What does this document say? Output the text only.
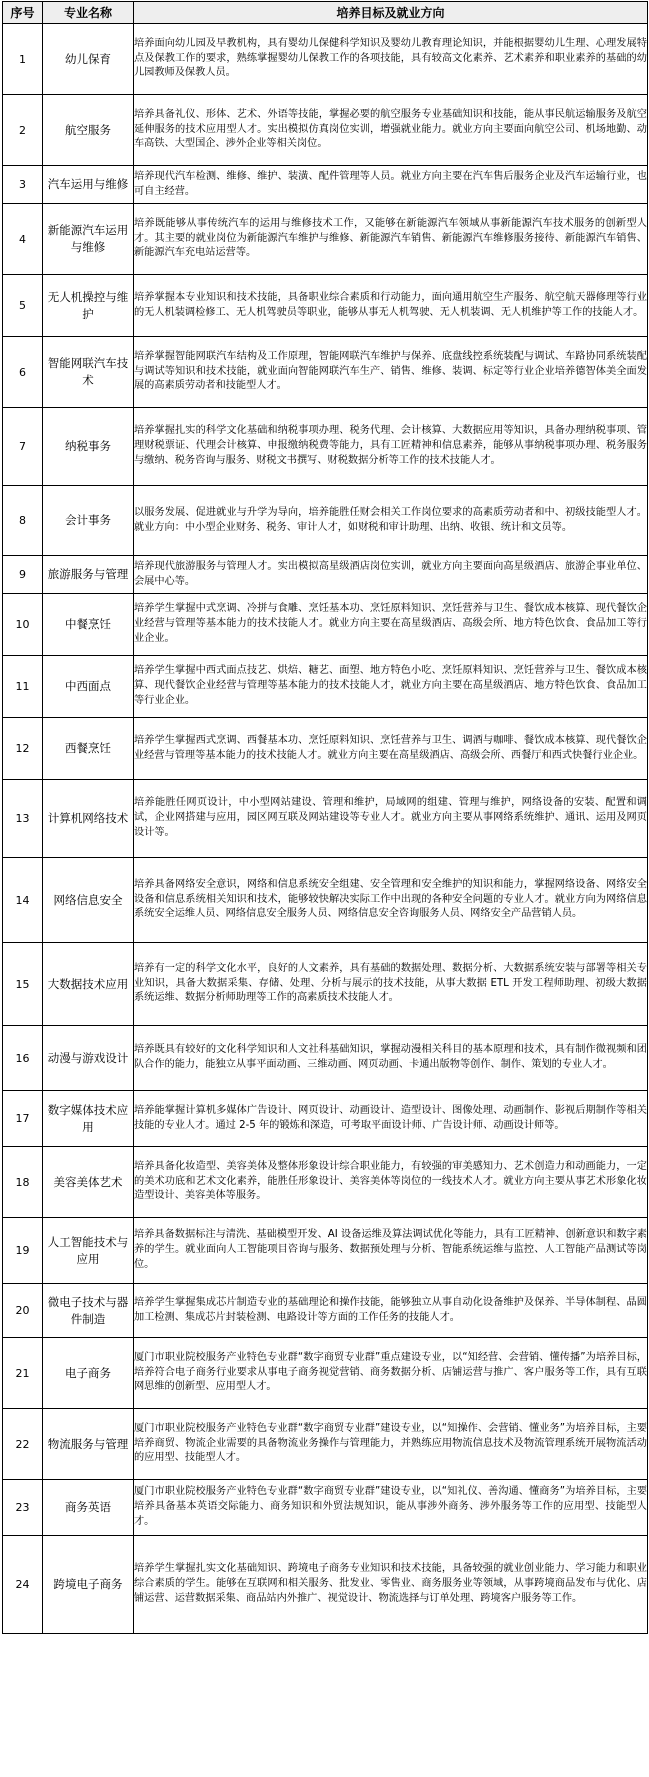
序号	专业名称	培养目标及就业方向
1	幼儿保育	培养面向幼儿园及早教机构，具有婴幼儿保健科学知识及婴幼儿教育理论知识，并能根据婴幼儿生理、心理发展特点及保教工作的要求，熟练掌握婴幼儿保教工作的各项技能，具有较高文化素养、艺术素养和职业素养的基础的幼儿园教师及保教人员。
2	航空服务	培养具备礼仪、形体、艺术、外语等技能，掌握必要的航空服务专业基础知识和技能，能从事民航运输服务及航空延伸服务的技术应用型人才。实出模拟仿真岗位实训，增强就业能力。就业方向主要面向航空公司、机场地勤、动车高铁、大型国企、涉外企业等相关岗位。
3	汽车运用与维修	培养现代汽车检测、维修、维护、装潢、配件管理等人员。就业方向主要在汽车售后服务企业及汽车运输行业，也可自主经营。
4	新能源汽车运用与维修	培养既能够从事传统汽车的运用与维修技术工作，又能够在新能源汽车领域从事新能源汽车技术服务的创新型人才。其主要的就业岗位为新能源汽车维护与维修、新能源汽车销售、新能源汽车维修服务接待、新能源汽车销售、新能源汽车充电站运营等。
5	无人机操控与维护	培养掌握本专业知识和技术技能，具备职业综合素质和行动能力，面向通用航空生产服务、航空航天器修理等行业的无人机装调检修工、无人机驾驶员等职业，能够从事无人机驾驶、无人机装调、无人机维护等工作的技能人才。
6	智能网联汽车技术	培养掌握智能网联汽车结构及工作原理，智能网联汽车维护与保养、底盘线控系统装配与调试、车路协同系统装配与调试等知识和技术技能，就业面向智能网联汽车生产、销售、维修、装调、标定等行业企业培养德智体美全面发展的高素质劳动者和技能型人才。
7	纳税事务	培养掌握扎实的科学文化基础和纳税事项办理、税务代理、会计核算、大数据应用等知识，具备办理纳税事项、管理财税票证、代理会计核算、申报缴纳税费等能力，具有工匠精神和信息素养，能够从事纳税事项办理、税务服务与缴纳、税务咨询与服务、财税文书撰写、财税数据分析等工作的技术技能人才。
8	会计事务	以服务发展、促进就业与升学为导向，培养能胜任财会相关工作岗位要求的高素质劳动者和中、初级技能型人才。就业方向：中小型企业财务、税务、审计人才，如财税和审计助理、出纳、收银、统计和文员等。
9	旅游服务与管理	培养现代旅游服务与管理人才。实出模拟高星级酒店岗位实训，就业方向主要面向高星级酒店、旅游企事业单位、会展中心等。
10	中餐烹饪	培养学生掌握中式烹调、冷拼与食雕、烹饪基本功、烹饪原料知识、烹饪营养与卫生、餐饮成本核算、现代餐饮企业经营与管理等基本能力的技术技能人才。就业方向主要在高星级酒店、高级会所、地方特色饮食、食品加工等行业企业。
11	中西面点	培养学生掌握中西式面点技艺、烘焙、糖艺、面塑、地方特色小吃、烹饪原料知识、烹饪营养与卫生、餐饮成本核算、现代餐饮企业经营与管理等基本能力的技术技能人才，就业方向主要在高星级酒店、地方特色饮食、食品加工等行业企业。
12	西餐烹饪	培养学生掌握西式烹调、西餐基本功、烹饪原料知识、烹饪营养与卫生、调酒与咖啡、餐饮成本核算、现代餐饮企业经营与管理等基本能力的技术技能人才。就业方向主要在高星级酒店、高级会所、西餐厅和西式快餐行业企业。
13	计算机网络技术	培养能胜任网页设计，中小型网站建设、管理和维护，局域网的组建、管理与维护，网络设备的安装、配置和调试，企业网搭建与应用，园区网互联及网站建设等专业人才。就业方向主要从事网络系统维护、通讯、运用及网页设计等。
14	网络信息安全	培养具备网络安全意识，网络和信息系统安全组建、安全管理和安全维护的知识和能力，掌握网络设备、网络安全设备和信息系统相关知识和技术，能够较快解决实际工作中出现的各种安全问题的专业人才。就业方向为网络信息系统安全运维人员、网络信息安全服务人员、网络信息安全咨询服务人员、网络安全产品营销人员。
15	大数据技术应用	培养有一定的科学文化水平，良好的人文素养，具有基础的数据处理、数据分析、大数据系统安装与部署等相关专业知识，具备大数据采集、存储、处理、分析与展示的技术技能，从事大数据 ETL 开发工程师助理、初级大数据系统运维、数据分析师助理等工作的高素质技术技能人才。
16	动漫与游戏设计	培养既具有较好的文化科学知识和人文社科基础知识，掌握动漫相关科目的基本原理和技术，具有制作微视频和团队合作的能力，能独立从事平面动画、三维动画、网页动画、卡通出版物等创作、制作、策划的专业人才。
17	数字媒体技术应用	培养能掌握计算机多媒体广告设计、网页设计、动画设计、造型设计、图像处理、动画制作、影视后期制作等相关技能的专业人才。通过 2-5 年的锻炼和深造，可考取平面设计师、广告设计师、动画设计师等。
18	美容美体艺术	培养具备化妆造型、美容美体及整体形象设计综合职业能力，有较强的审美感知力、艺术创造力和动画能力，一定的美术功底和艺术文化素养，能胜任形象设计、美容美体等岗位的一线技术人才。就业方向主要从事艺术形象化妆造型设计、美容美体等服务。
19	人工智能技术与应用	培养具备数据标注与清洗、基础模型开发、AI 设备运维及算法调试优化等能力，具有工匠精神、创新意识和数字素养的学生。就业面向人工智能项目咨询与服务、数据预处理与分析、智能系统运维与监控、人工智能产品测试等岗位。
20	微电子技术与器件制造	培养学生掌握集成芯片制造专业的基础理论和操作技能，能够独立从事自动化设备维护及保养、半导体制程、晶圆加工检测、集成芯片封装检测、电路设计等方面的工作任务的技能人才。
21	电子商务	厦门市职业院校服务产业特色专业群“数字商贸专业群”重点建设专业，以“知经营、会营销、懂传播”为培养目标，培养符合电子商务行业要求从事电子商务视觉营销、商务数据分析、店铺运营与推广、客户服务等工作，具有互联网思维的创新型、应用型人才。
22	物流服务与管理	厦门市职业院校服务产业特色专业群“数字商贸专业群”建设专业，以“知操作、会营销、懂业务”为培养目标，主要培养商贸、物流企业需要的具备物流业务操作与管理能力，并熟练应用物流信息技术及物流管理系统开展物流活动的应用型、技能型人才。
23	商务英语	厦门市职业院校服务产业特色专业群“数字商贸专业群”建设专业，以“知礼仪、善沟通、懂商务”为培养目标，主要培养具备基本英语交际能力、商务知识和外贸法规知识，能从事涉外商务、涉外服务等工作的应用型、技能型人才。
24	跨境电子商务	培养学生掌握扎实文化基础知识、跨境电子商务专业知识和技术技能，具备较强的就业创业能力、学习能力和职业综合素质的学生。能够在互联网和相关服务、批发业、零售业、商务服务业等领域，从事跨境商品发布与优化、店铺运营、运营数据采集、商品站内外推广、视觉设计、物流选择与订单处理、跨境客户服务等工作。
